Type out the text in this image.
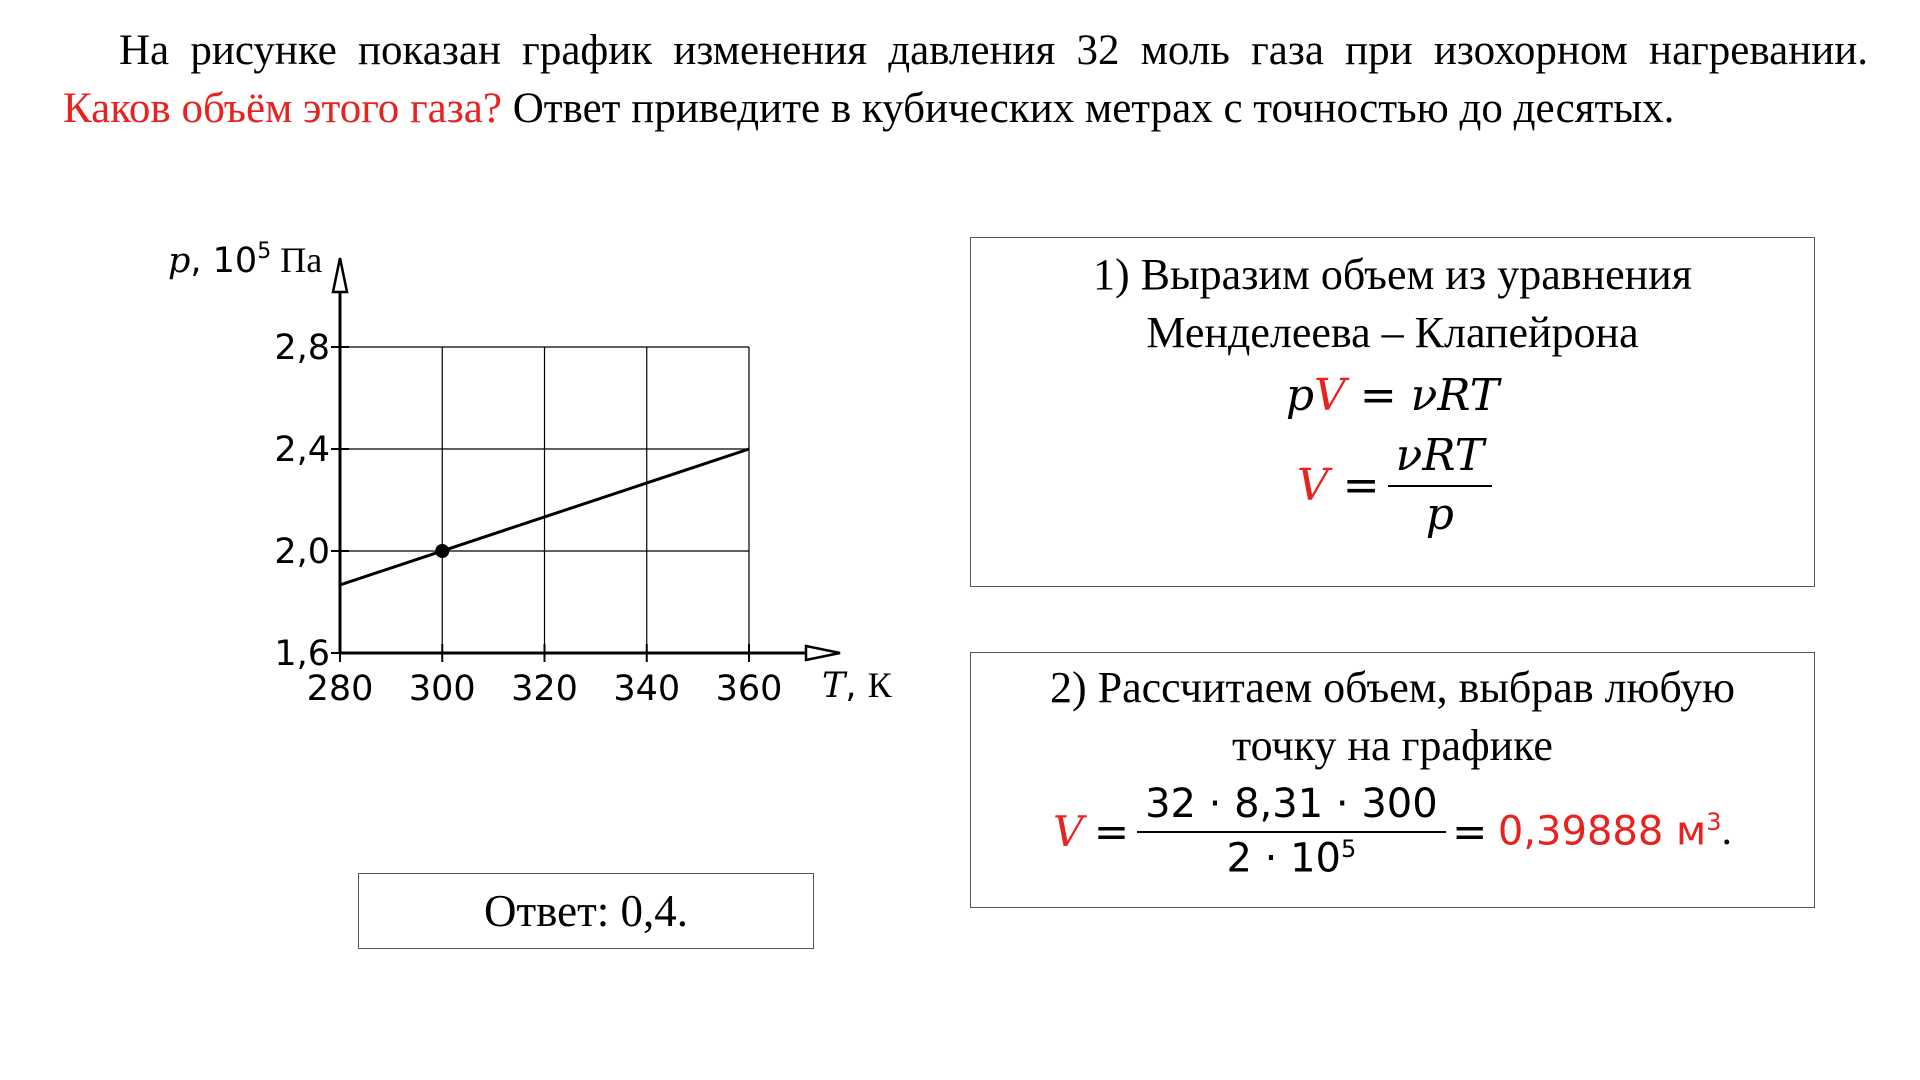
На рисунке показан график изменения давления 32 моль газа при изохорном нагревании. Каков объём этого газа? Ответ приведите в кубических метрах с точностью до десятых.

1,6
2,0
2,4
2,8
280 300 320 340 360
p, $10^5$ Па
T, К
1) Выразим объем из уравнения
Менделеева – Клапейрона
pV = νRT
V
= $\frac{\text{νRT}}{p}$
2) Рассчитаем объем, выбрав любую
точку на графике
V
= $\frac{32 \cdot 8,31 \cdot 300}{2 \cdot 10^5}$
=
0,39888 $м^3$ .
Ответ: 0,4.
